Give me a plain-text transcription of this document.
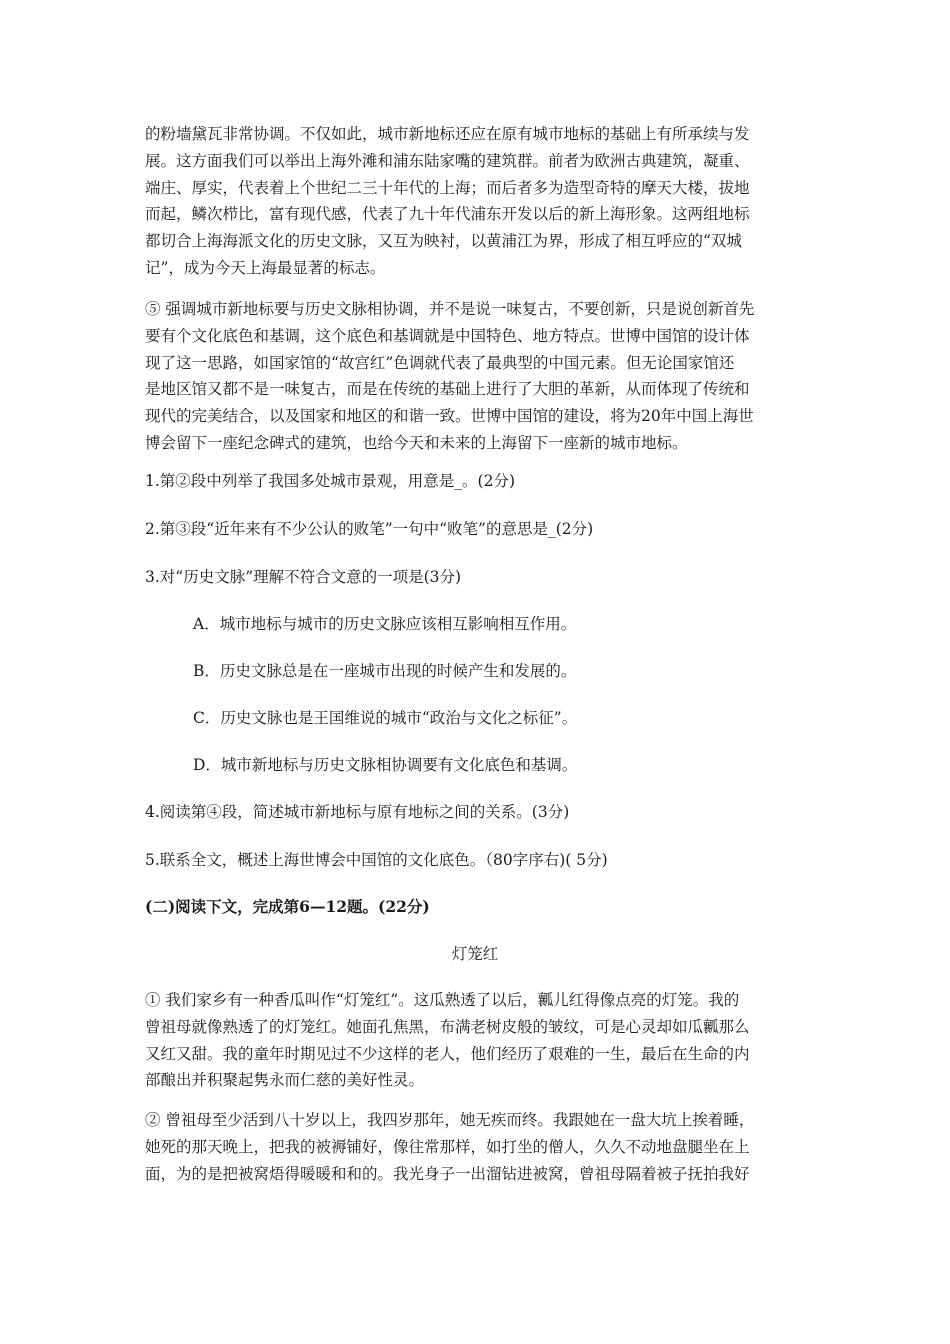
的粉墙黛瓦非常协调。不仅如此，城市新地标还应在原有城市地标的基础上有所承续与发
展。这方面我们可以举出上海外滩和浦东陆家嘴的建筑群。前者为欧洲古典建筑，凝重、
端庄、厚实，代表着上个世纪二三十年代的上海；而后者多为造型奇特的摩天大楼，拔地
而起，鳞次栉比，富有现代感，代表了九十年代浦东开发以后的新上海形象。这两组地标
都切合上海海派文化的历史文脉，又互为映衬，以黄浦江为界，形成了相互呼应的“双城
记”，成为今天上海最显著的标志。
⑤ 强调城市新地标要与历史文脉相协调，并不是说一味复古，不要创新，只是说创新首先
要有个文化底色和基调，这个底色和基调就是中国特色、地方特点。世博中国馆的设计体
现了这一思路，如国家馆的“故宫红”色调就代表了最典型的中国元素。但无论国家馆还
是地区馆又都不是一味复古，而是在传统的基础上进行了大胆的革新，从而体现了传统和
现代的完美结合，以及国家和地区的和谐一致。世博中国馆的建设，将为20年中国上海世
博会留下一座纪念碑式的建筑，也给今天和未来的上海留下一座新的城市地标。
1.第②段中列举了我国多处城市景观，用意是_。(2分)
2.第③段“近年来有不少公认的败笔”一句中“败笔”的意思是_(2分)
3.对“历史文脉”理解不符合文意的一项是(3分)
A．城市地标与城市的历史文脉应该相互影响相互作用。
B．历史文脉总是在一座城市出现的时候产生和发展的。
C．历史文脉也是王国维说的城市“政治与文化之标征”。
D．城市新地标与历史文脉相协调要有文化底色和基调。
4.阅读第④段，简述城市新地标与原有地标之间的关系。(3分)
5.联系全文，概述上海世博会中国馆的文化底色。（80字序右)( 5分)
(二)阅读下文，完成第6—12题。(22分)
灯笼红
① 我们家乡有一种香瓜叫作“灯笼红”。这瓜熟透了以后，瓤儿红得像点亮的灯笼。我的
曾祖母就像熟透了的灯笼红。她面孔焦黑，布满老树皮般的皱纹，可是心灵却如瓜瓤那么
又红又甜。我的童年时期见过不少这样的老人，他们经历了艰难的一生，最后在生命的内
部酿出并积聚起隽永而仁慈的美好性灵。
② 曾祖母至少活到八十岁以上，我四岁那年，她无疾而终。我跟她在一盘大坑上挨着睡，
她死的那天晚上，把我的被褥铺好，像往常那样，如打坐的僧人，久久不动地盘腿坐在上
面，为的是把被窝焐得暖暖和和的。我光身子一出溜钻进被窝，曾祖母隔着被子抚拍我好
